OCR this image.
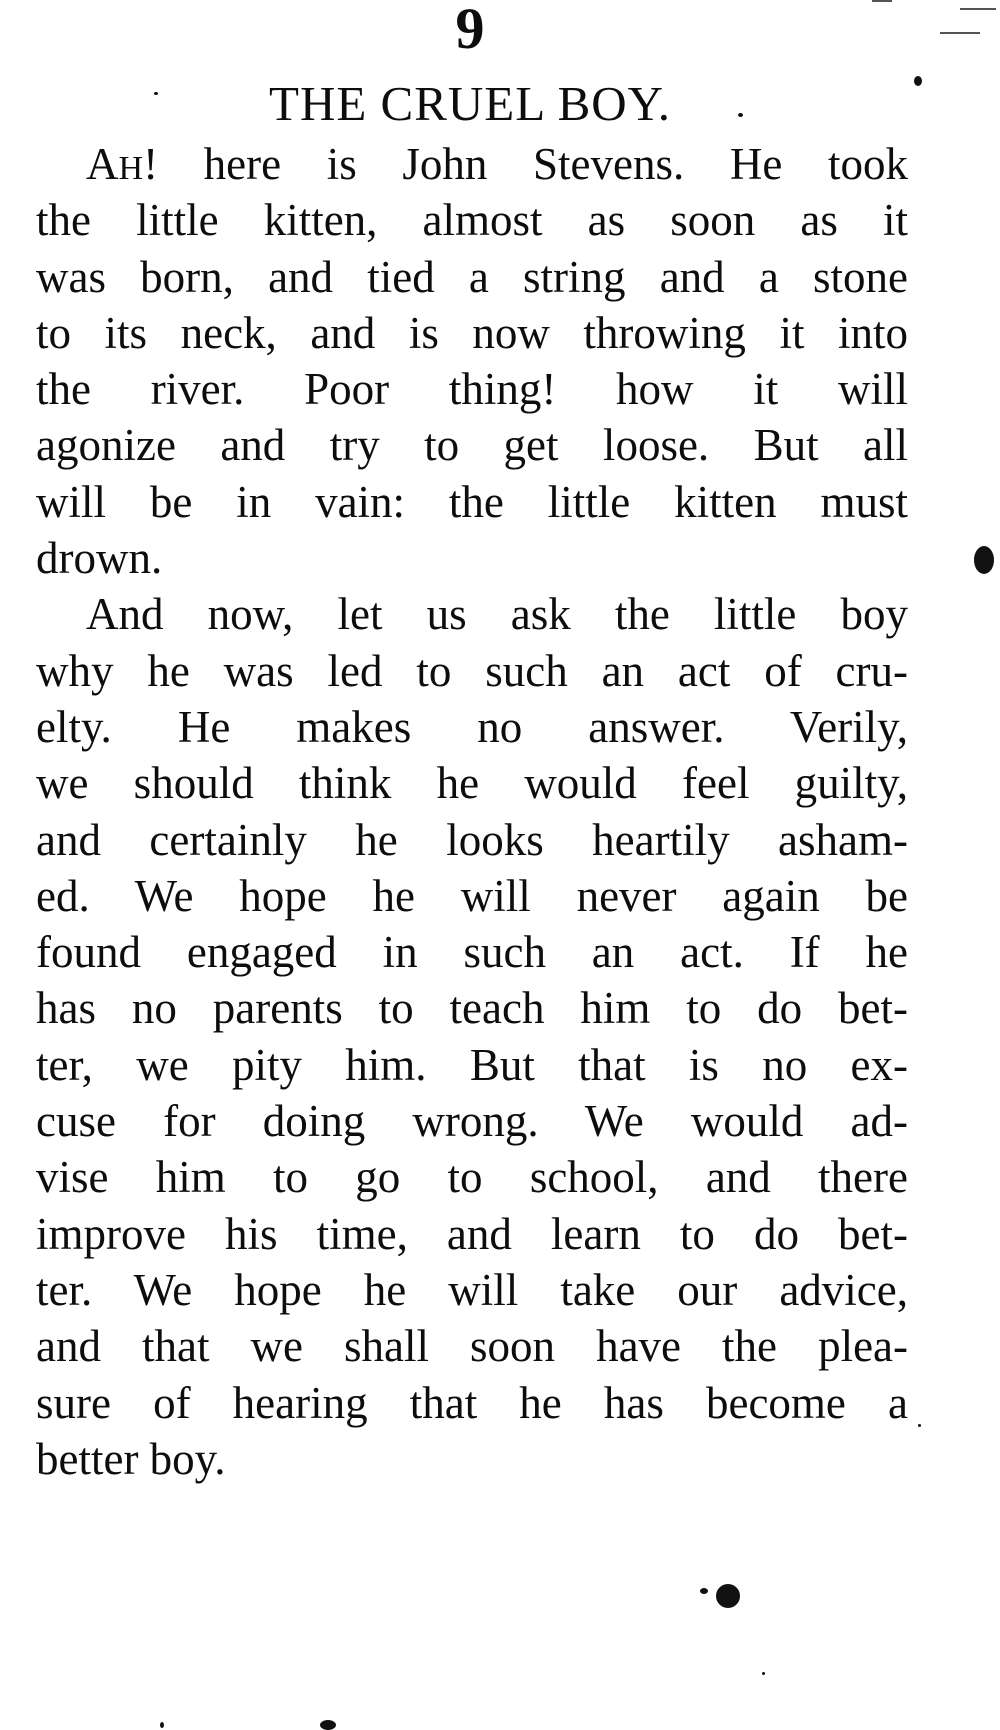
9
THE CRUEL BOY.
AH! here is John Stevens. He took
the little kitten, almost as soon as it
was born, and tied a string and a stone
to its neck, and is now throwing it into
the river. Poor thing! how it will
agonize and try to get loose. But all
will be in vain: the little kitten must
drown.
And now, let us ask the little boy
why he was led to such an act of cru-
elty. He makes no answer. Verily,
we should think he would feel guilty,
and certainly he looks heartily asham-
ed. We hope he will never again be
found engaged in such an act. If he
has no parents to teach him to do bet-
ter, we pity him. But that is no ex-
cuse for doing wrong. We would ad-
vise him to go to school, and there
improve his time, and learn to do bet-
ter. We hope he will take our advice,
and that we shall soon have the plea-
sure of hearing that he has become a
better boy.
